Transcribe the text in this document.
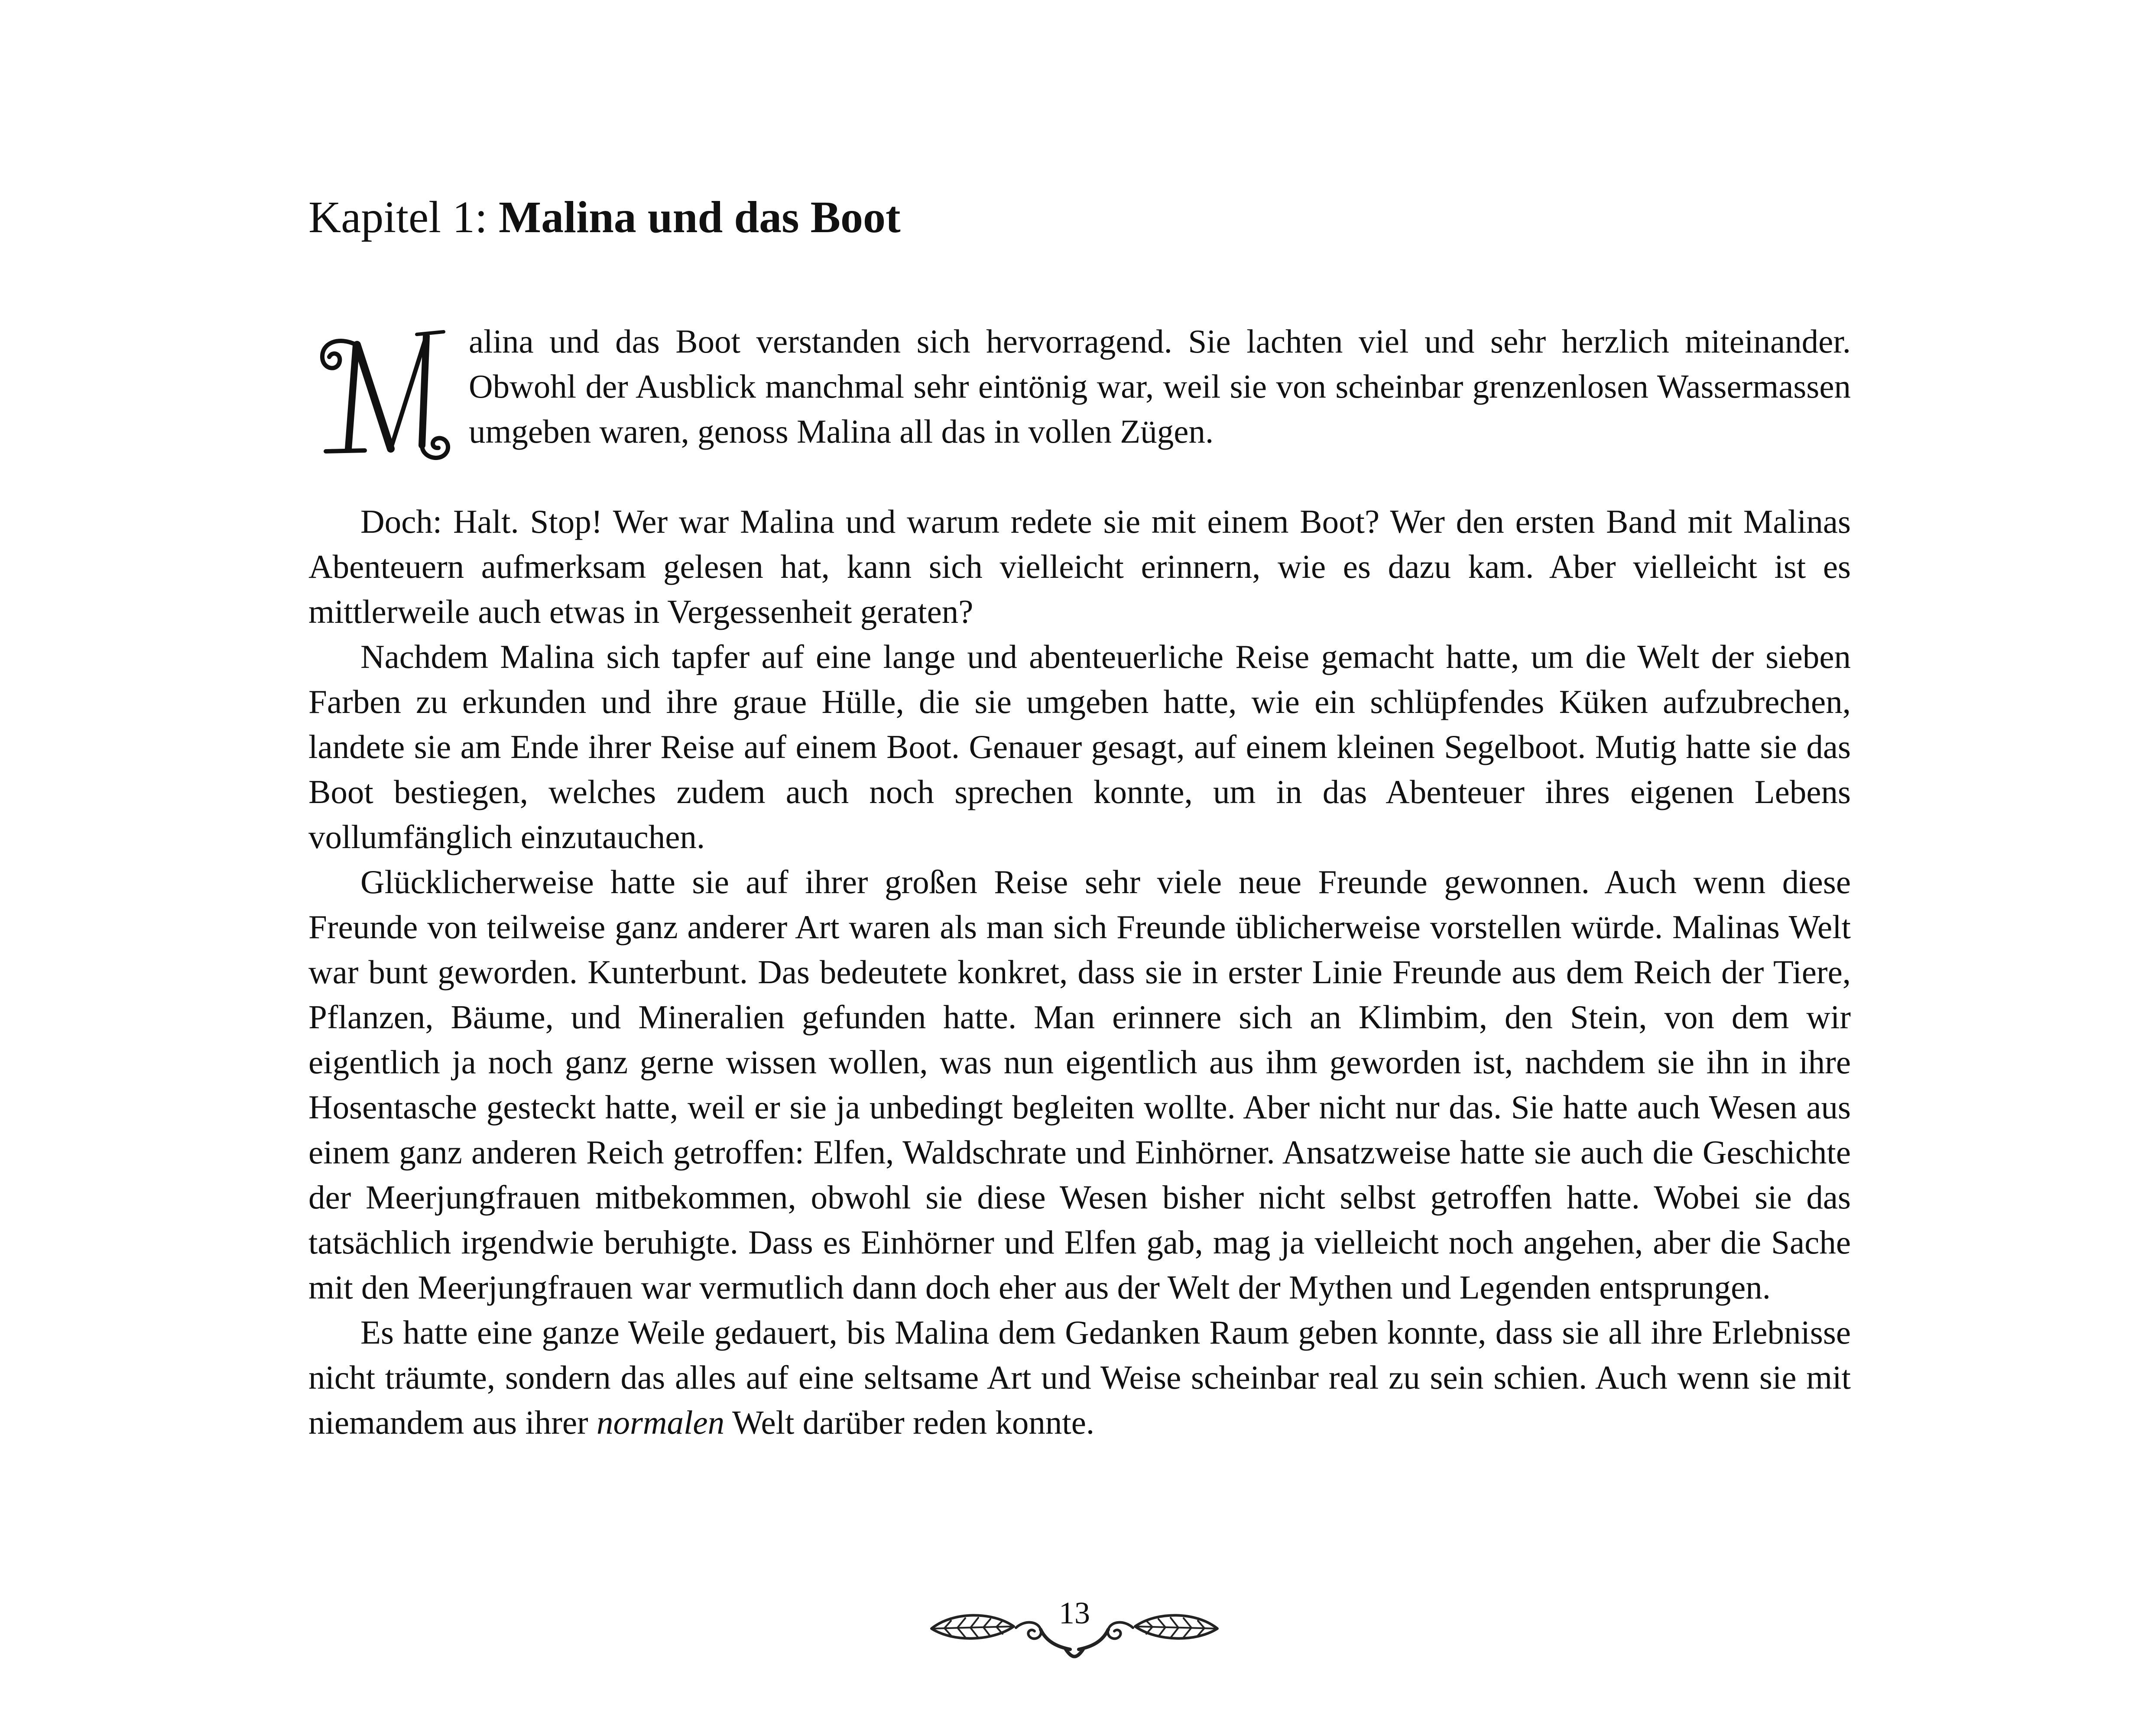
Kapitel 1: Malina und das Boot

alina und das Boot verstanden sich hervorragend. Sie lachten viel und sehr herzlich miteinander. Obwohl der Ausblick manchmal sehr eintönig war, weil sie von scheinbar grenzenlosen Wassermassen umgeben waren, genoss Malina all das in vollen Zügen.

Doch: Halt. Stop! Wer war Malina und warum redete sie mit einem Boot? Wer den ersten Band mit Malinas Abenteuern aufmerksam gelesen hat, kann sich vielleicht erinnern, wie es dazu kam. Aber vielleicht ist es mittlerweile auch etwas in Vergessenheit geraten?

Nachdem Malina sich tapfer auf eine lange und abenteuerliche Reise gemacht hatte, um die Welt der sieben Farben zu erkunden und ihre graue Hülle, die sie umgeben hatte, wie ein schlüpfendes Küken aufzubrechen, landete sie am Ende ihrer Reise auf einem Boot. Genauer gesagt, auf einem kleinen Segelboot. Mutig hatte sie das Boot bestiegen, welches zudem auch noch sprechen konnte, um in das Abenteuer ihres eigenen Lebens vollumfänglich einzutauchen.

Glücklicherweise hatte sie auf ihrer großen Reise sehr viele neue Freunde gewonnen. Auch wenn diese Freunde von teilweise ganz anderer Art waren als man sich Freunde üblicherweise vorstellen würde. Malinas Welt war bunt geworden. Kunterbunt. Das bedeutete konkret, dass sie in erster Linie Freunde aus dem Reich der Tiere, Pflanzen, Bäume, und Mineralien gefunden hatte. Man erinnere sich an Klimbim, den Stein, von dem wir eigentlich ja noch ganz gerne wissen wollen, was nun eigentlich aus ihm geworden ist, nachdem sie ihn in ihre Hosentasche gesteckt hatte, weil er sie ja unbedingt begleiten wollte. Aber nicht nur das. Sie hatte auch Wesen aus einem ganz anderen Reich getroffen: Elfen, Waldschrate und Einhörner. Ansatzweise hatte sie auch die Geschichte der Meerjungfrauen mitbekommen, obwohl sie diese Wesen bisher nicht selbst getroffen hatte. Wobei sie das tatsächlich irgendwie beruhigte. Dass es Einhörner und Elfen gab, mag ja vielleicht noch angehen, aber die Sache mit den Meerjungfrauen war vermutlich dann doch eher aus der Welt der Mythen und Legenden entsprungen.

Es hatte eine ganze Weile gedauert, bis Malina dem Gedanken Raum geben konnte, dass sie all ihre Erlebnisse nicht träumte, sondern das alles auf eine seltsame Art und Weise scheinbar real zu sein schien. Auch wenn sie mit niemandem aus ihrer normalen Welt darüber reden konnte.

13
